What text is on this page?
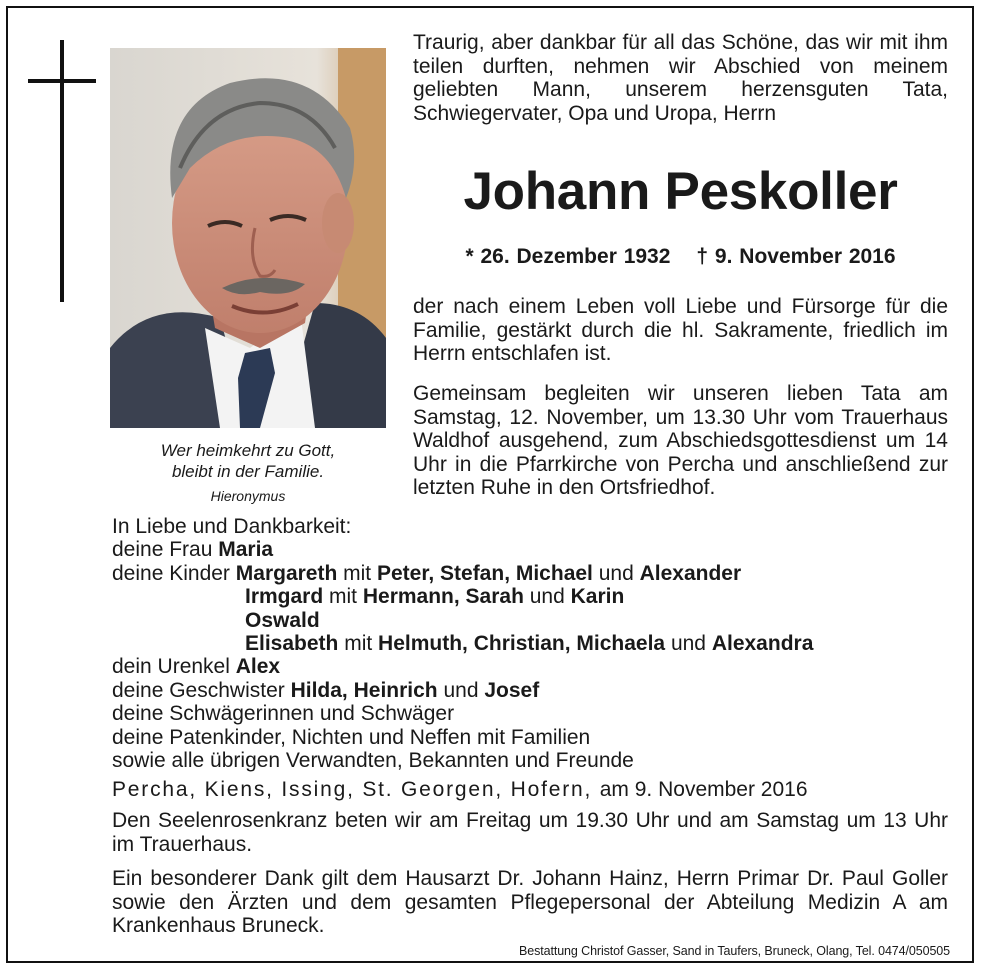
Wer heimkehrt zu Gott,
bleibt in der Familie.
Hieronymus
Traurig, aber dankbar für all das Schöne, das wir mit ihm teilen durften, nehmen wir Abschied von meinem geliebten Mann, unserem herzensguten Tata, Schwiegervater, Opa und Uropa, Herrn
Johann Peskoller
* 26. Dezember 1932 † 9. November 2016
der nach einem Leben voll Liebe und Fürsorge für die Familie, gestärkt durch die hl. Sakramente, friedlich im Herrn entschlafen ist.
Gemeinsam begleiten wir unseren lieben Tata am Samstag, 12. November, um 13.30 Uhr vom Trauerhaus Waldhof ausgehend, zum Abschiedsgottesdienst um 14 Uhr in die Pfarrkirche von Percha und anschließend zur letzten Ruhe in den Ortsfriedhof.
In Liebe und Dankbarkeit:
deine Frau Maria
deine Kinder Margareth mit Peter, Stefan, Michael und Alexander
Irmgard mit Hermann, Sarah und Karin
Oswald
Elisabeth mit Helmuth, Christian, Michaela und Alexandra
dein Urenkel Alex
deine Geschwister Hilda, Heinrich und Josef
deine Schwägerinnen und Schwäger
deine Patenkinder, Nichten und Neffen mit Familien
sowie alle übrigen Verwandten, Bekannten und Freunde
Percha, Kiens, Issing, St. Georgen, Hofern, am 9. November 2016
Den Seelenrosenkranz beten wir am Freitag um 19.30 Uhr und am Samstag um 13 Uhr im Trauerhaus.
Ein besonderer Dank gilt dem Hausarzt Dr. Johann Hainz, Herrn Primar Dr. Paul Goller sowie den Ärzten und dem gesamten Pflegepersonal der Abteilung Medizin A am Krankenhaus Bruneck.
Bestattung Christof Gasser, Sand in Taufers, Bruneck, Olang, Tel. 0474/050505
